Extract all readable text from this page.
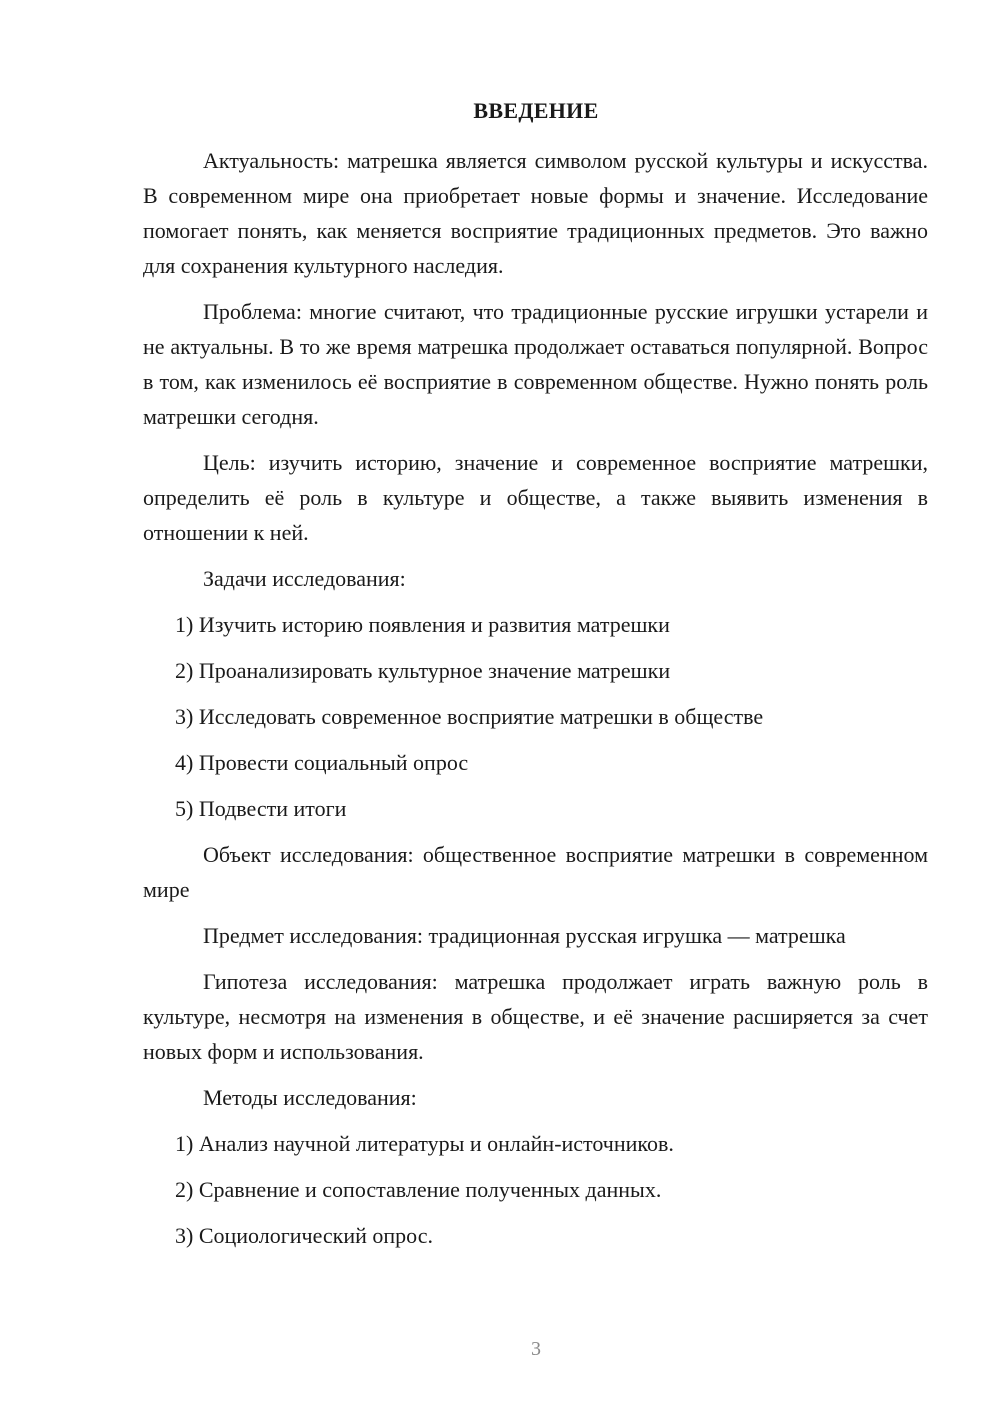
ВВЕДЕНИЕ

Актуальность: матрешка является символом русской культуры и искусства. В современном мире она приобретает новые формы и значение. Исследование помогает понять, как меняется восприятие традиционных предметов. Это важно для сохранения культурного наследия.

Проблема: многие считают, что традиционные русские игрушки устарели и не актуальны. В то же время матрешка продолжает оставаться популярной. Вопрос в том, как изменилось её восприятие в современном обществе. Нужно понять роль матрешки сегодня.

Цель: изучить историю, значение и современное восприятие матрешки, определить её роль в культуре и обществе, а также выявить изменения в отношении к ней.

Задачи исследования:
1) Изучить историю появления и развития матрешки
2) Проанализировать культурное значение матрешки
3) Исследовать современное восприятие матрешки в обществе
4) Провести социальный опрос
5) Подвести итоги

Объект исследования: общественное восприятие матрешки в современном мире

Предмет исследования: традиционная русская игрушка — матрешка

Гипотеза исследования: матрешка продолжает играть важную роль в культуре, несмотря на изменения в обществе, и её значение расширяется за счет новых форм и использования.

Методы исследования:
1) Анализ научной литературы и онлайн-источников.
2) Сравнение и сопоставление полученных данных.
3) Социологический опрос.
3
